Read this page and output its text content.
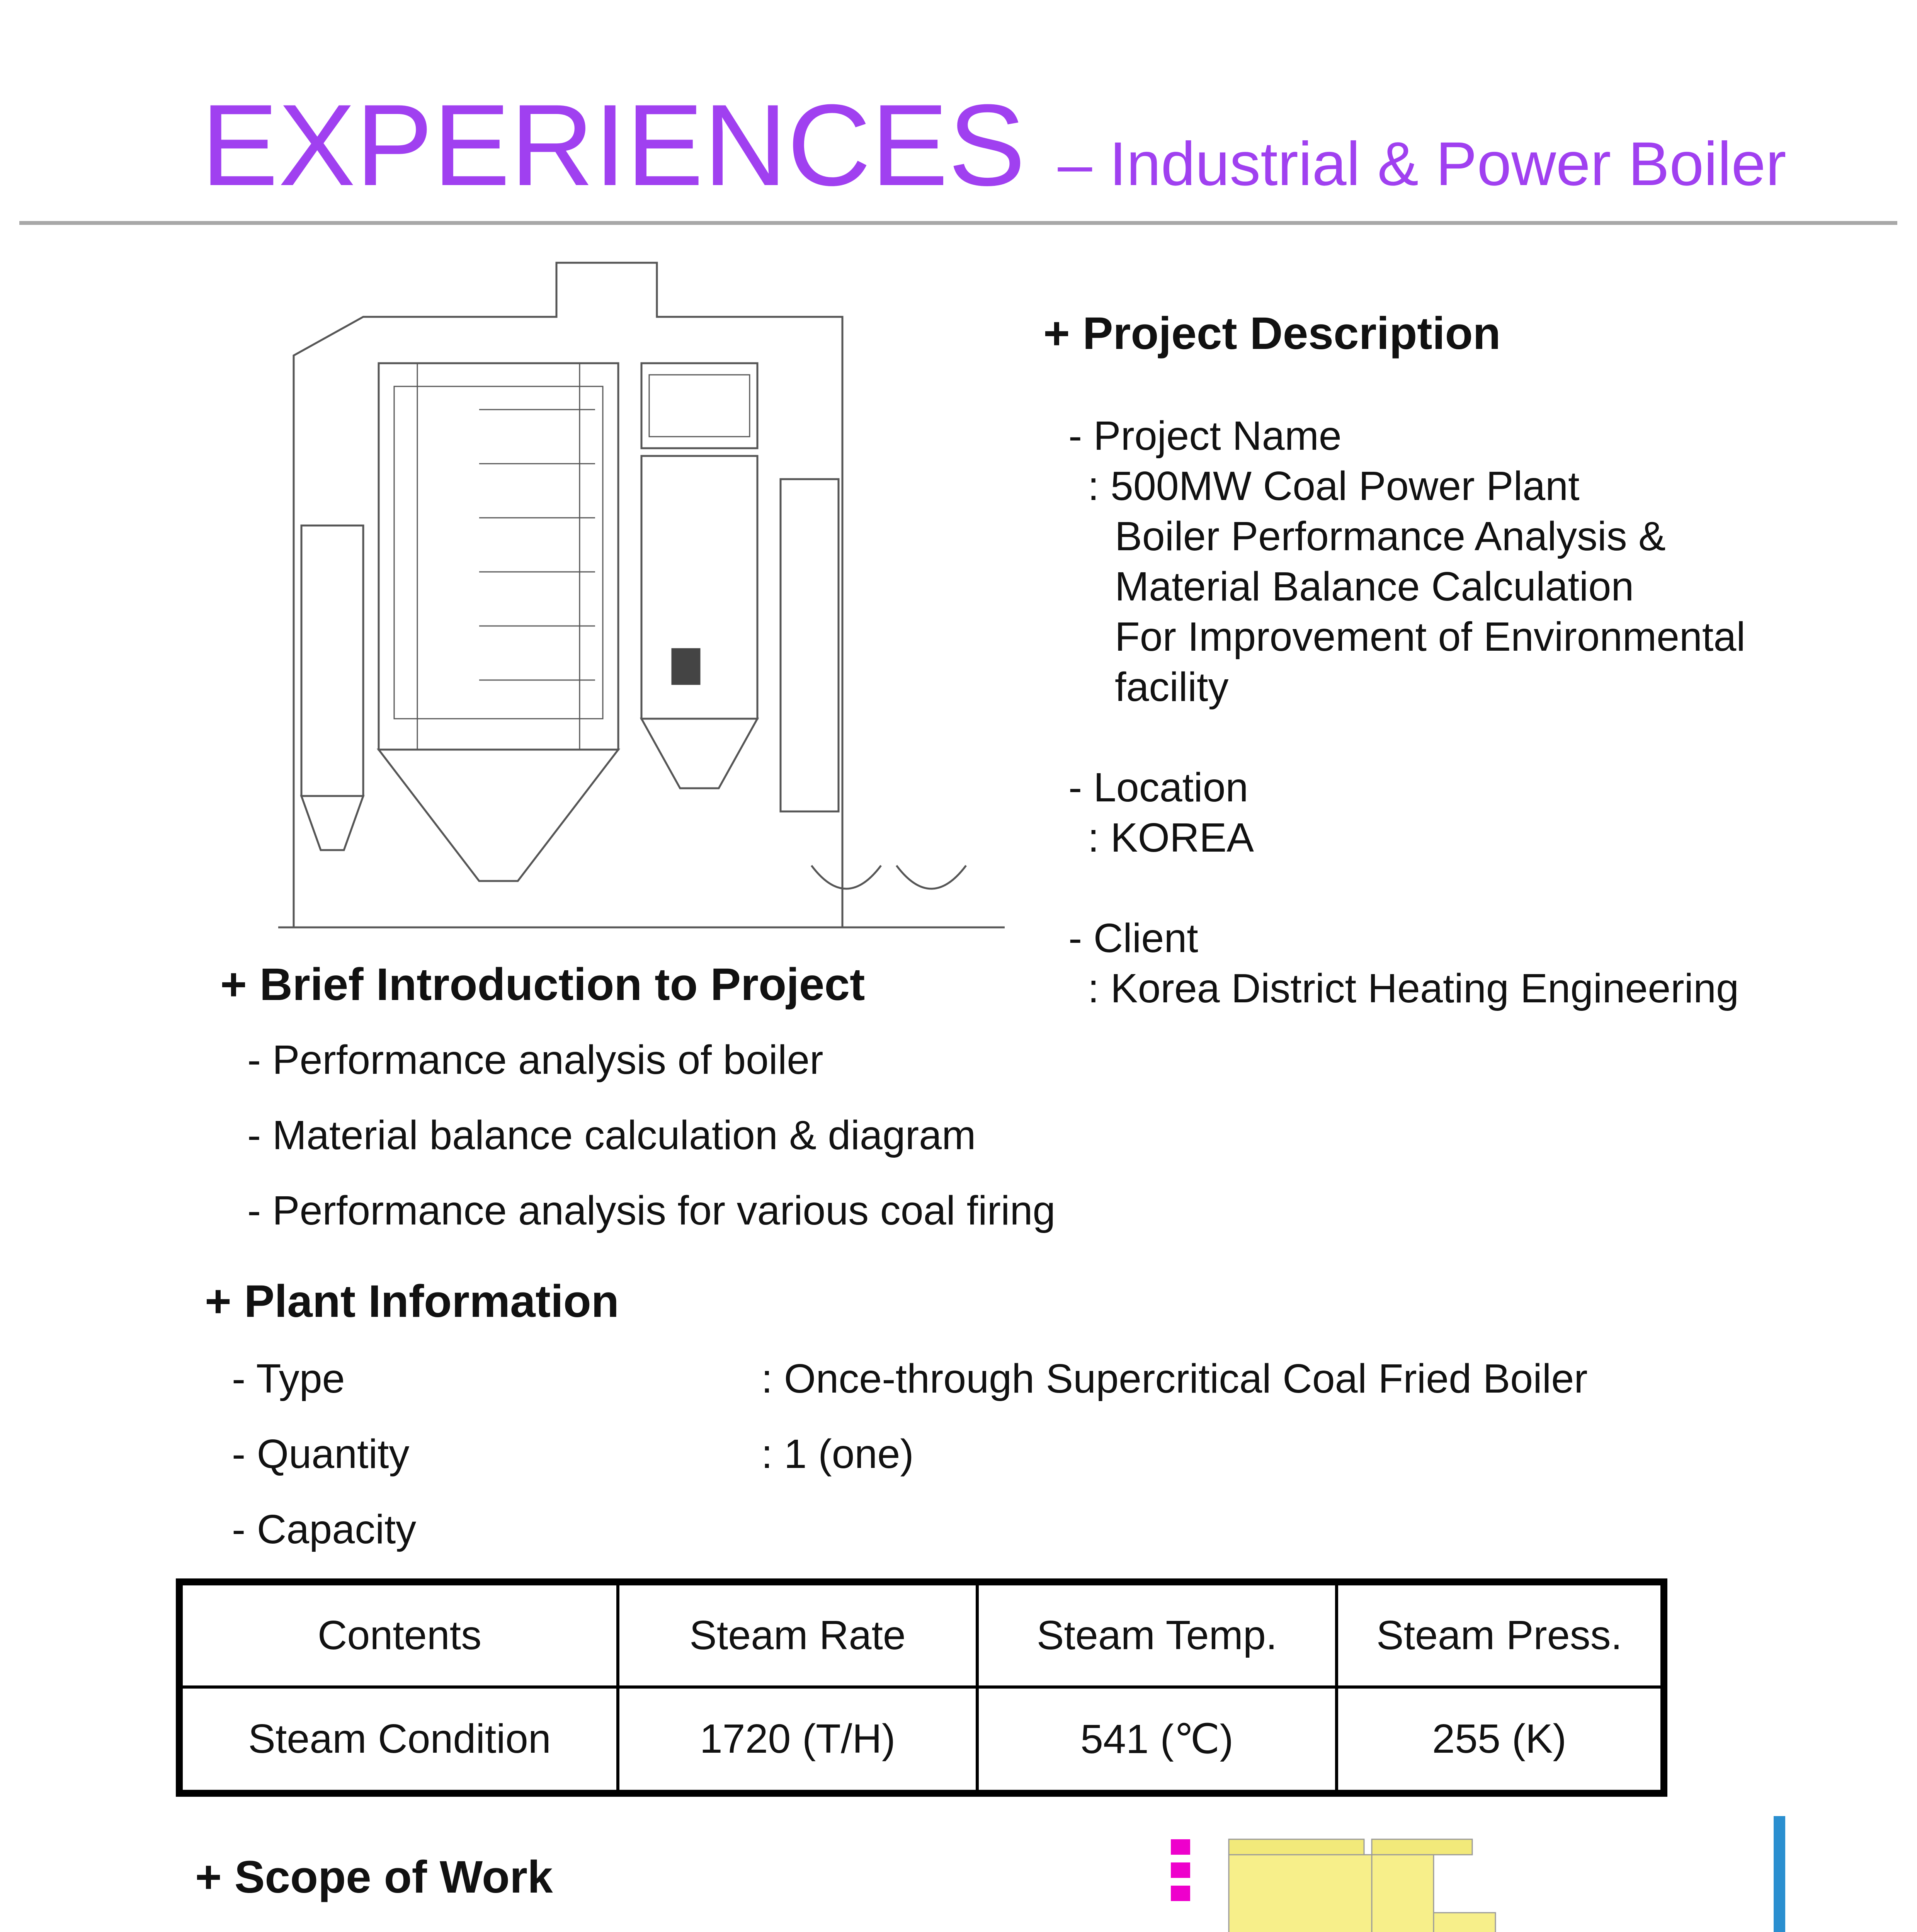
EXPERIENCES – Industrial & Power Boiler
+ Project Description
- Project Name
: 500MW Coal Power Plant
Boiler Performance Analysis &
Material Balance Calculation
For Improvement of Environmental
facility
- Location
: KOREA
- Client
: Korea District Heating Engineering
+ Brief Introduction to Project
- Performance analysis of boiler
- Material balance calculation & diagram
- Performance analysis for various coal firing
+ Plant Information
- Type	: Once-through Supercritical Coal Fried Boiler
- Quantity	: 1 (one)
- Capacity
Contents	Steam Rate	Steam Temp.	Steam Press.
Steam Condition	1720 (T/H)	541 (℃)	255 (K)
+ Scope of Work
